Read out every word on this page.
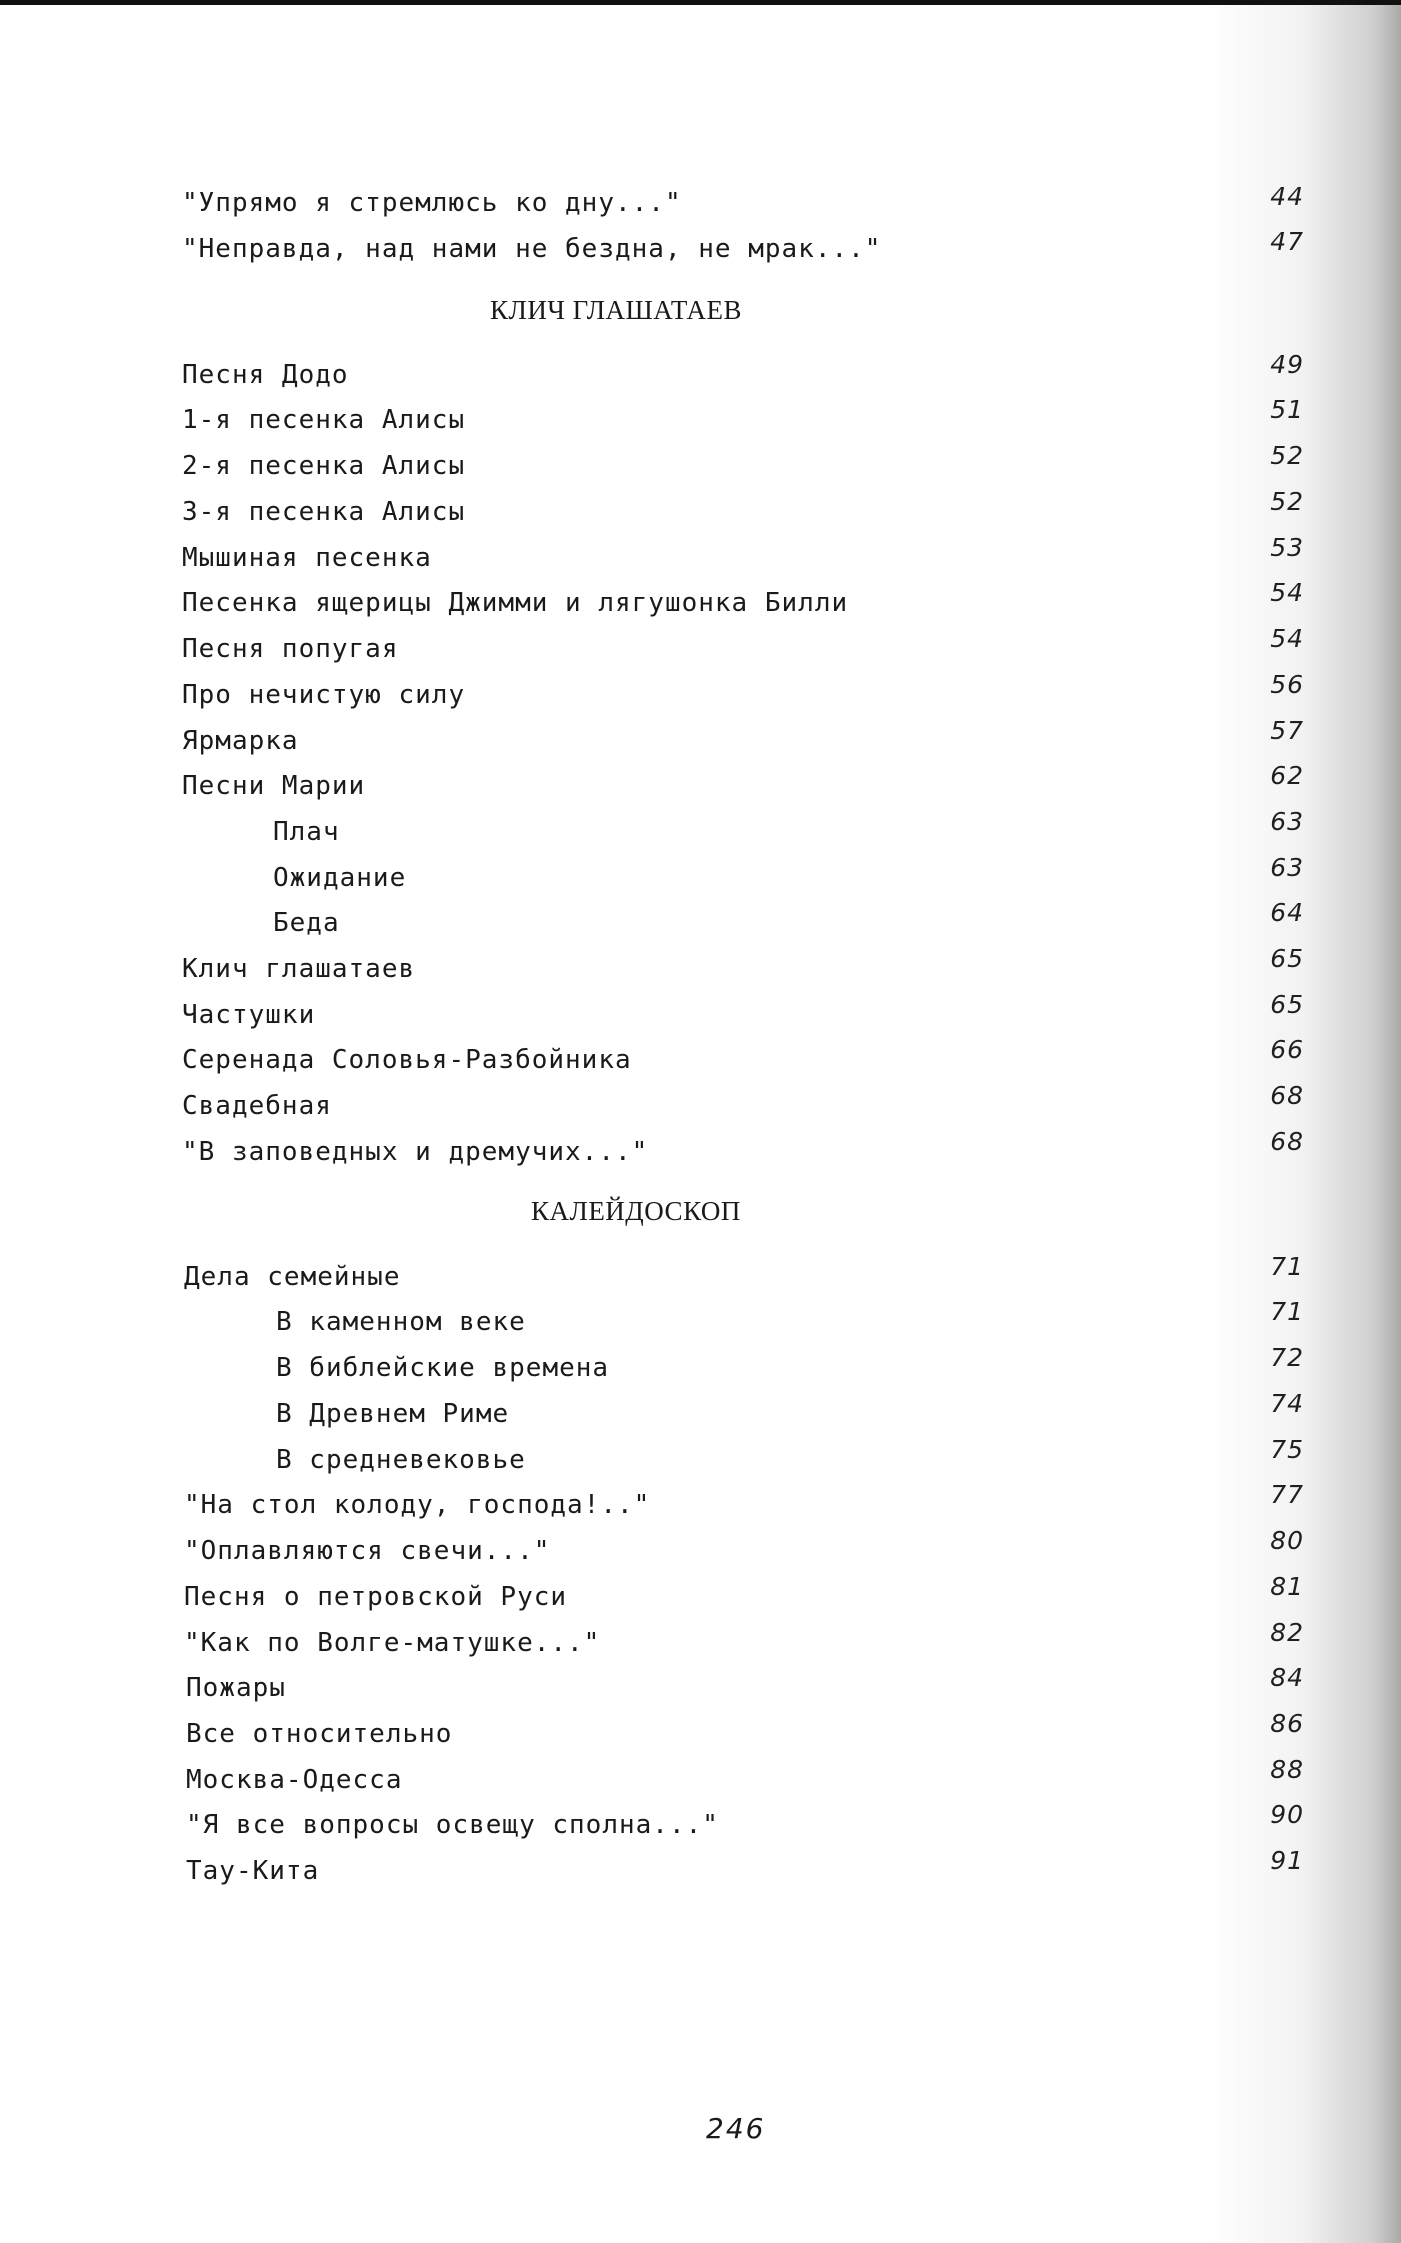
"Упрямо я стремлюсь ко дну..."	44
"Неправда, над нами не бездна, не мрак..."	47
КЛИЧ ГЛАШАТАЕВ
Песня Додо	49
1-я песенка Алисы	51
2-я песенка Алисы	52
3-я песенка Алисы	52
Мышиная песенка	53
Песенка ящерицы Джимми и лягушонка Билли	54
Песня попугая	54
Про нечистую силу	56
Ярмарка	57
Песни Марии	62
Плач	63
Ожидание	63
Беда	64
Клич глашатаев	65
Частушки	65
Серенада Соловья-Разбойника	66
Свадебная	68
"В заповедных и дремучих..."	68
КАЛЕЙДОСКОП
Дела семейные	71
В каменном веке	71
В библейские времена	72
В Древнем Риме	74
В средневековье	75
"На стол колоду, господа!.."	77
"Оплавляются свечи..."	80
Песня о петровской Руси	81
"Как по Волге-матушке..."	82
Пожары	84
Все относительно	86
Москва-Одесса	88
"Я все вопросы освещу сполна..."	90
Тау-Кита	91
246
